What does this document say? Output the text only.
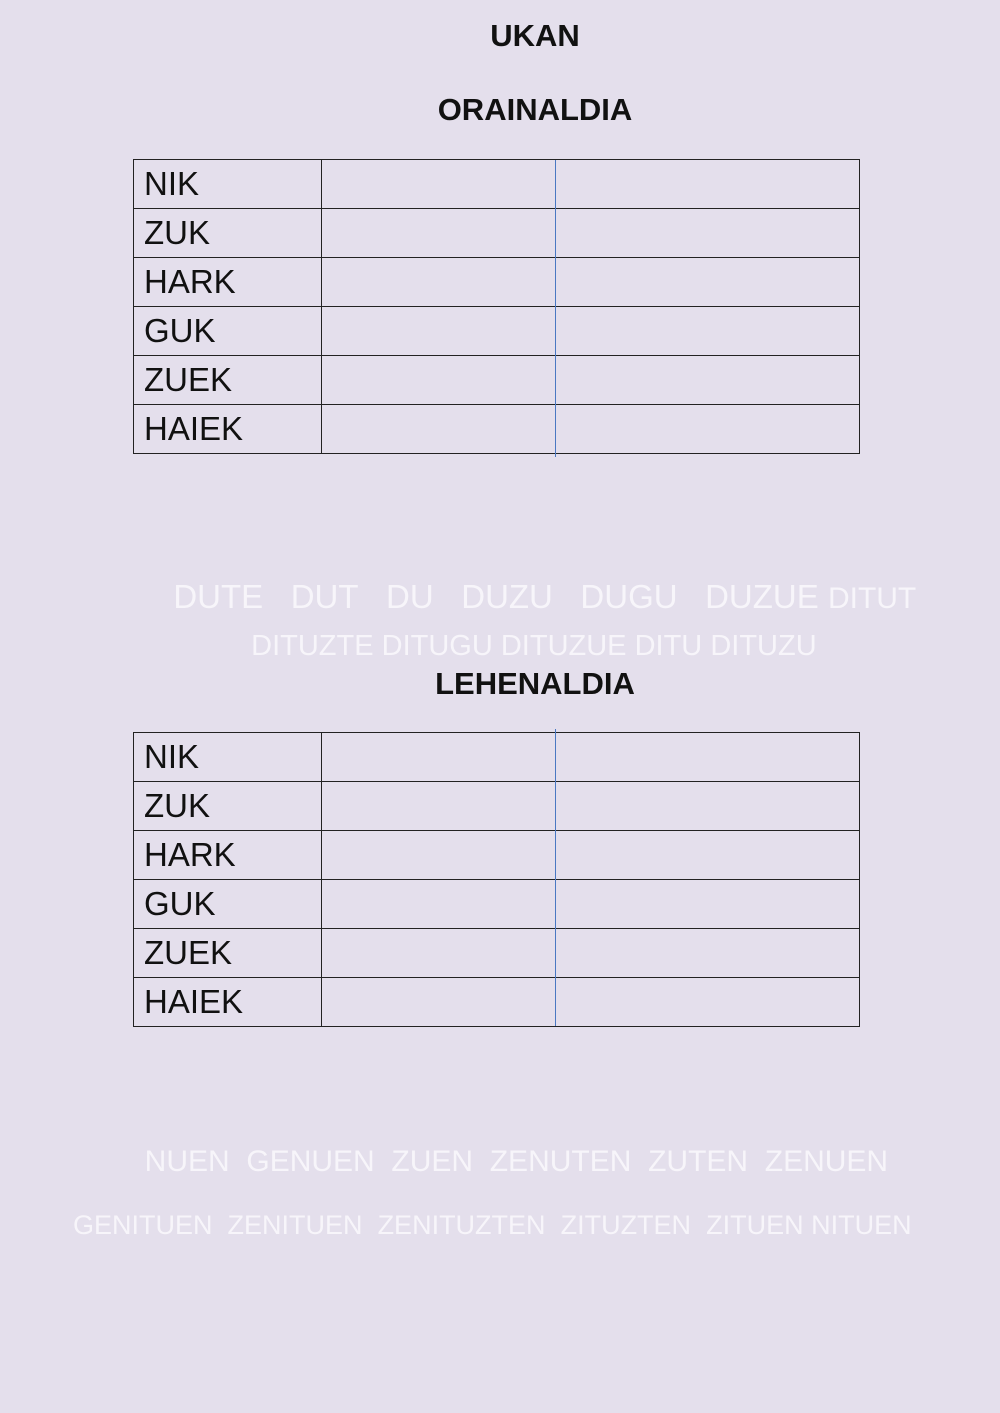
UKAN
ORAINALDIA
NIK	
ZUK	
HARK	
GUK	
ZUEK	
HAIEK	

DUTE DUT DU DUZU DUGU DUZUE DITUT

DITUZTE DITUGU DITUZUE DITU DITUZU

LEHENALDIA
NIK	
ZUK	
HARK	
GUK	
ZUEK	
HAIEK	

NUEN GENUEN ZUEN ZENUTEN ZUTEN ZENUEN

GENITUEN ZENITUEN ZENITUZTEN ZITUZTEN ZITUEN NITUEN
